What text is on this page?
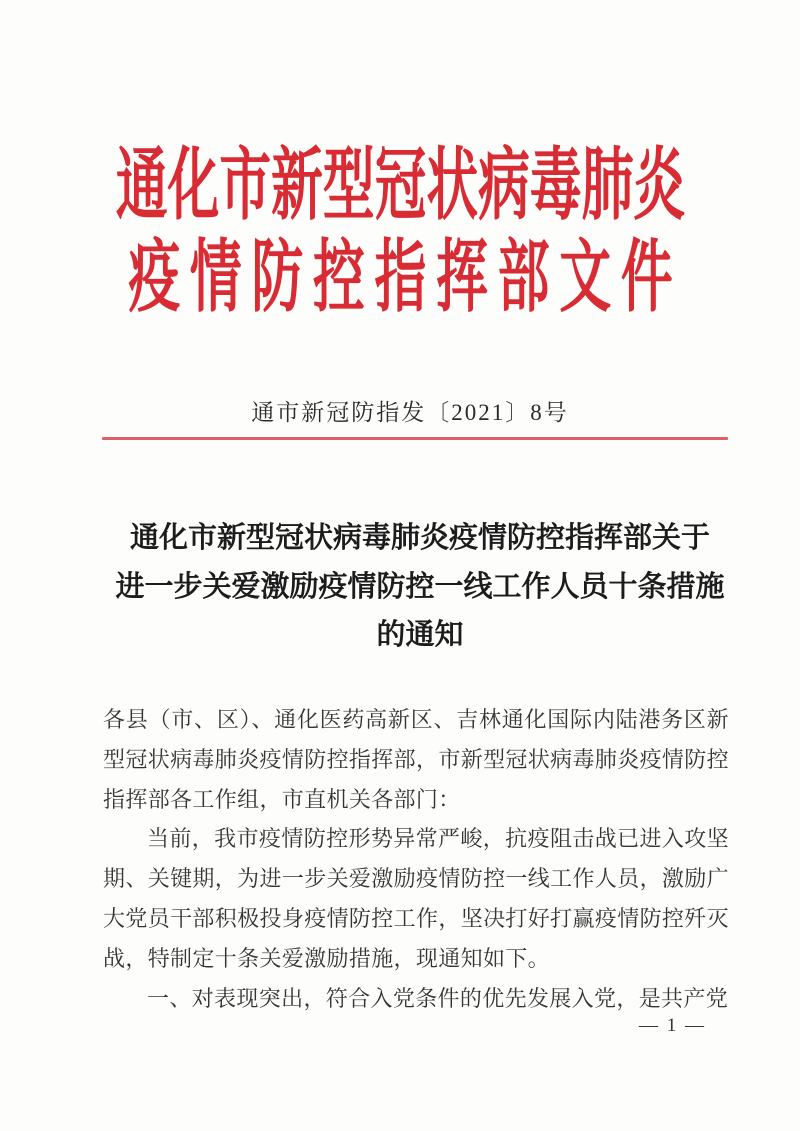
通化市新型冠状病毒肺炎
疫情防控指挥部文件
通市新冠防指发〔2021〕8号
通化市新型冠状病毒肺炎疫情防控指挥部关于
进一步关爱激励疫情防控一线工作人员十条措施
的通知

各县（市、区）、通化医药高新区、吉林通化国际内陆港务区新型冠状病毒肺炎疫情防控指挥部，市新型冠状病毒肺炎疫情防控指挥部各工作组，市直机关各部门：

当前，我市疫情防控形势异常严峻，抗疫阻击战已进入攻坚期、关键期，为进一步关爱激励疫情防控一线工作人员，激励广大党员干部积极投身疫情防控工作，坚决打好打赢疫情防控歼灭战，特制定十条关爱激励措施，现通知如下。

一、对表现突出，符合入党条件的优先发展入党，是共产党

— 1 —
